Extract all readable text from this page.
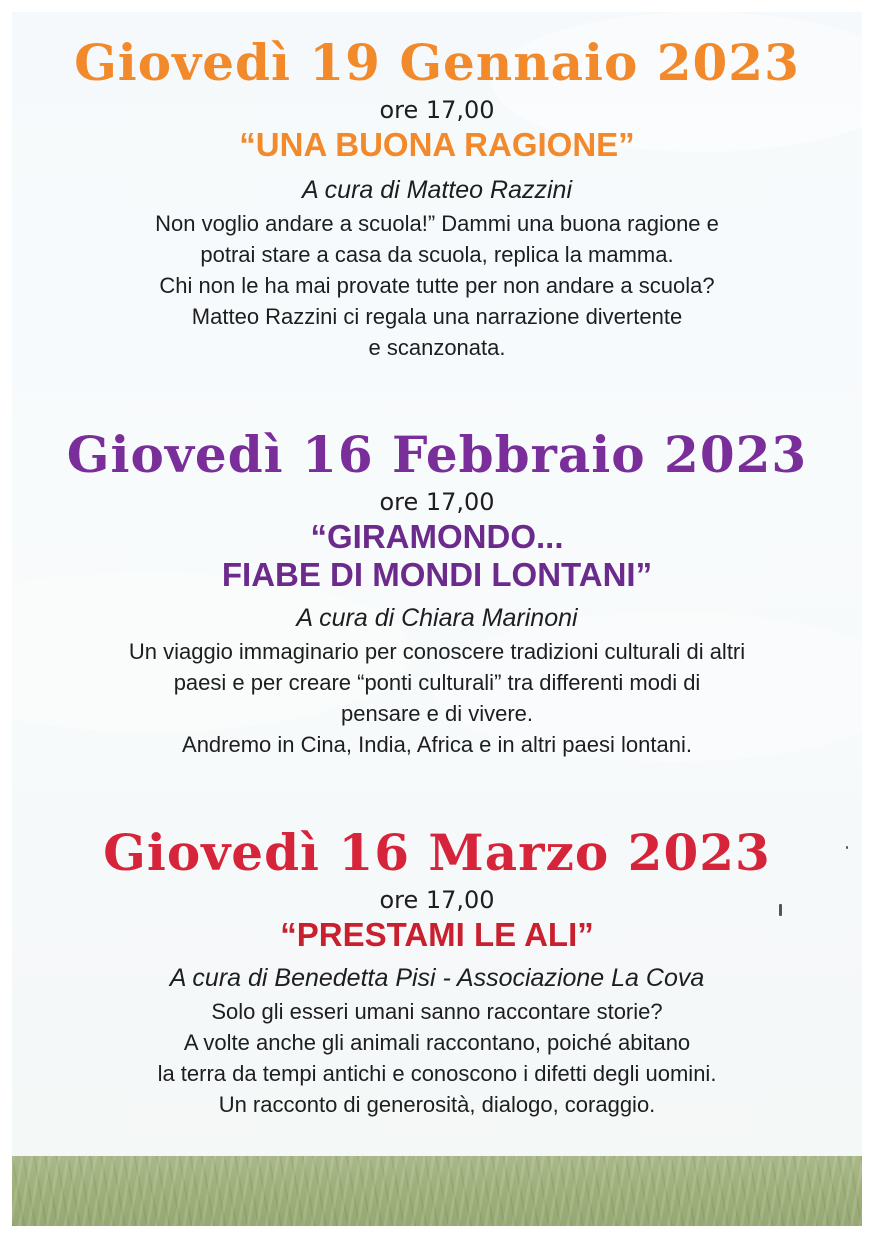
Giovedì 19 Gennaio 2023

ore 17,00

“UNA BUONA RAGIONE”

A cura di Matteo Razzini

Non voglio andare a scuola!” Dammi una buona ragione e

potrai stare a casa da scuola, replica la mamma.

Chi non le ha mai provate tutte per non andare a scuola?

Matteo Razzini ci regala una narrazione divertente

e scanzonata.

Giovedì 16 Febbraio 2023

ore 17,00

“GIRAMONDO...
FIABE DI MONDI LONTANI”

A cura di Chiara Marinoni

Un viaggio immaginario per conoscere tradizioni culturali di altri

paesi e per creare “ponti culturali” tra differenti modi di

pensare e di vivere.

Andremo in Cina, India, Africa e in altri paesi lontani.

Giovedì 16 Marzo 2023

ore 17,00

“PRESTAMI LE ALI”

A cura di Benedetta Pisi - Associazione La Cova

Solo gli esseri umani sanno raccontare storie?

A volte anche gli animali raccontano, poiché abitano

la terra da tempi antichi e conoscono i difetti degli uomini.

Un racconto di generosità, dialogo, coraggio.
